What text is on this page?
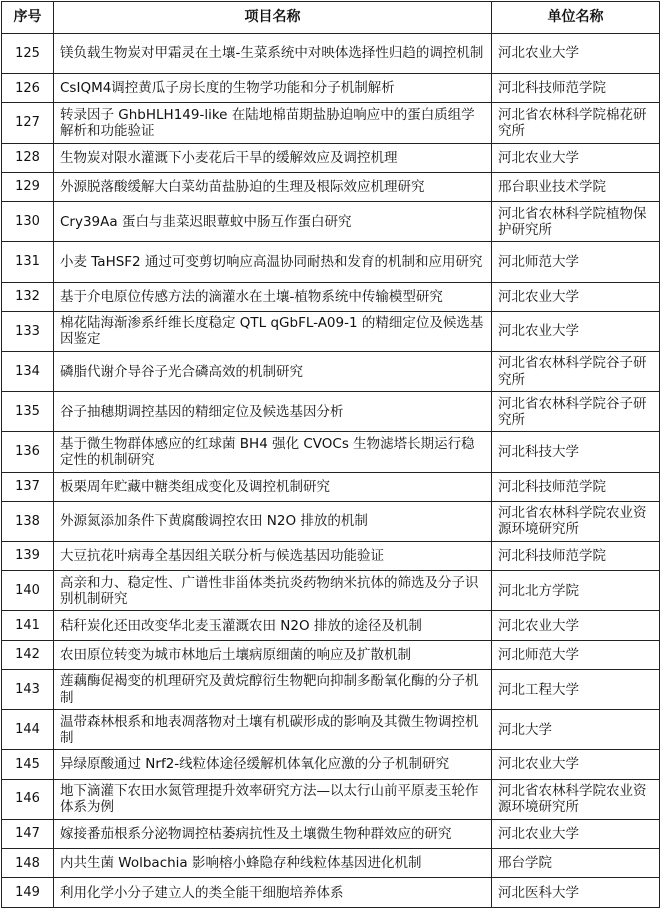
序号	项目名称	单位名称
125	镁负载生物炭对甲霜灵在土壤-生菜系统中对映体选择性归趋的调控机制	河北农业大学
126	CsIQM4调控黄瓜子房长度的生物学功能和分子机制解析	河北科技师范学院
127	转录因子 GhbHLH149-like 在陆地棉苗期盐胁迫响应中的蛋白质组学解析和功能验证	河北省农林科学院棉花研究所
128	生物炭对限水灌溉下小麦花后干旱的缓解效应及调控机理	河北农业大学
129	外源脱落酸缓解大白菜幼苗盐胁迫的生理及根际效应机理研究	邢台职业技术学院
130	Cry39Aa 蛋白与韭菜迟眼蕈蚊中肠互作蛋白研究	河北省农林科学院植物保护研究所
131	小麦 TaHSF2 通过可变剪切响应高温协同耐热和发育的机制和应用研究	河北师范大学
132	基于介电原位传感方法的滴灌水在土壤-植物系统中传输模型研究	河北农业大学
133	棉花陆海渐渗系纤维长度稳定 QTL qGbFL-A09-1 的精细定位及候选基因鉴定	河北农业大学
134	磷脂代谢介导谷子光合磷高效的机制研究	河北省农林科学院谷子研究所
135	谷子抽穗期调控基因的精细定位及候选基因分析	河北省农林科学院谷子研究所
136	基于微生物群体感应的红球菌 BH4 强化 CVOCs 生物滤塔长期运行稳定性的机制研究	河北科技大学
137	板栗周年贮藏中糖类组成变化及调控机制研究	河北科技师范学院
138	外源氮添加条件下黄腐酸调控农田 N2O 排放的机制	河北省农林科学院农业资源环境研究所
139	大豆抗花叶病毒全基因组关联分析与候选基因功能验证	河北科技师范学院
140	高亲和力、稳定性、广谱性非甾体类抗炎药物纳米抗体的筛选及分子识别机制研究	河北北方学院
141	秸秆炭化还田改变华北麦玉灌溉农田 N2O 排放的途径及机制	河北农业大学
142	农田原位转变为城市林地后土壤病原细菌的响应及扩散机制	河北师范大学
143	莲藕酶促褐变的机理研究及黄烷醇衍生物靶向抑制多酚氧化酶的分子机制	河北工程大学
144	温带森林根系和地表凋落物对土壤有机碳形成的影响及其微生物调控机制	河北大学
145	异绿原酸通过 Nrf2-线粒体途径缓解机体氧化应激的分子机制研究	河北农业大学
146	地下滴灌下农田水氮管理提升效率研究方法—以太行山前平原麦玉轮作体系为例	河北省农林科学院农业资源环境研究所
147	嫁接番茄根系分泌物调控枯萎病抗性及土壤微生物种群效应的研究	河北农业大学
148	内共生菌 Wolbachia 影响榕小蜂隐存种线粒体基因进化机制	邢台学院
149	利用化学小分子建立人的类全能干细胞培养体系	河北医科大学
